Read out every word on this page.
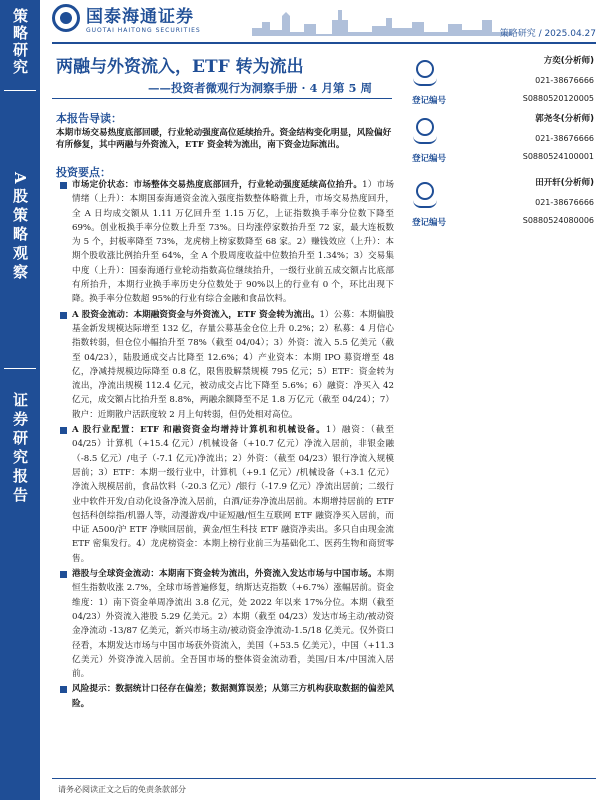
策略研究
A股策略观察
证券研究报告
国泰海通证券
GUOTAI HAITONG SECURITIES	策略研究 / 2025.04.27
两融与外资流入，ETF 转为流出
——投资者微观行为洞察手册 · 4 月第 5 周
本报告导读：
本期市场交易热度底部回暖，行业轮动强度高位延续抬升。资金结构变化明显，风险偏好有所修复，其中两融与外资流入，ETF 资金转为流出，南下资金边际流出。
方奕(分析师)
021-38676666
登记编号	S0880520120005
郭尧冬(分析师)
021-38676666
登记编号	S0880524100001
田开轩(分析师)
021-38676666
登记编号	S0880524080006
投资要点：
市场定价状态：市场整体交易热度底部回升，行业轮动强度延续高位抬升。1）市场情绪（上升）：本期国泰海通资金流入强度指数整体略微上升，市场交易热度回升，全 A 日均成交额从 1.11 万亿回升至 1.15 万亿，上证指数换手率分位数下降至 69%。创业板换手率分位数上升至 73%。日均涨停家数抬升至 72 家，最大连板数为 5 个，封板率降至 73%，龙虎榜上榜家数降至 68 家。2）赚钱效应（上升）：本期个股收涨比例抬升至 64%，全 A 个股周度收益中位数抬升至 1.34%；3）交易集中度（上升）：国泰海通行业轮动指数高位继续抬升，一级行业前五成交额占比底部有所抬升，本期行业换手率历史分位数处于 90%以上的行业有 0 个，环比出现下降。换手率分位数超 95%的行业有综合金融和食品饮料。
A 股资金流动：本期融资资金与外资流入，ETF 资金转为流出。1）公募：本期偏股基金新发规模达际增至 132 亿，存量公募基金仓位上升 0.2%；2）私募：4 月信心指数转弱，但仓位小幅抬升至 78%（截至 04/04）；3）外资：流入 5.5 亿美元（截至 04/23），陆股通成交占比降至 12.6%；4）产业资本：本期 IPO 募资增至 48 亿，净减持规模边际降至 0.8 亿，限售股解禁规模 795 亿元；5）ETF：资金转为流出，净流出规模 112.4 亿元，被动成交占比下降至 5.6%；6）融资：净买入 42 亿元，成交额占比抬升至 8.8%，两融余额降至不足 1.8 万亿元（截至 04/24）；7）散户：近期散户活跃度较 2 月上旬转弱，但仍处相对高位。
A 股行业配置：ETF 和融资资金均增持计算机和机械设备。1）融资：（截至 04/25）计算机（+15.4 亿元）/机械设备（+10.7 亿元）净流入居前，非银金融（-8.5 亿元）/电子（-7.1 亿元)净流出；2）外资：（截至 04/23）银行净流入规模居前；3）ETF：本期一级行业中，计算机（+9.1 亿元）/机械设备（+3.1 亿元）净流入规模居前，食品饮料（-20.3 亿元）/银行（-17.9 亿元）净流出居前；二级行业中软件开发/自动化设备净流入居前，白酒/证券净流出居前。本期增持居前的 ETF 包括科创综指/机器人等，动漫游戏/中证短融/恒生互联网 ETF 融资净买入居前，而中证 A500/沪 ETF 净赎回居前，黄金/恒生科技 ETF 融资净卖出。多只自由现金流 ETF 密集发行。4）龙虎榜资金：本期上榜行业前三为基础化工、医药生物和商贸零售。
港股与全球资金流动：本期南下资金转为流出，外资流入发达市场与中国市场。本期恒生指数收涨 2.7%，全球市场普遍修复，纳斯达克指数（+6.7%）涨幅居前。资金维度：1）南下资金单周净流出 3.8 亿元，处 2022 年以来 17%分位。本期（截至 04/23）外资流入港股 5.29 亿美元。2）本期（截至 04/23）发达市场主动/被动资金净流动 -13/87 亿美元，新兴市场主动/被动资金净流动-1.5/18 亿美元。仅外资口径看，本期发达市场与中国市场获外资流入，美国（+53.5 亿美元），中国（+11.3 亿美元）外资净流入居前。全吾国市场的整体资金流动看，美国/日本/中国流入居前。
风险提示：数据统计口径存在偏差；数据测算误差；从第三方机构获取数据的偏差风险。
请务必阅读正文之后的免责条款部分
